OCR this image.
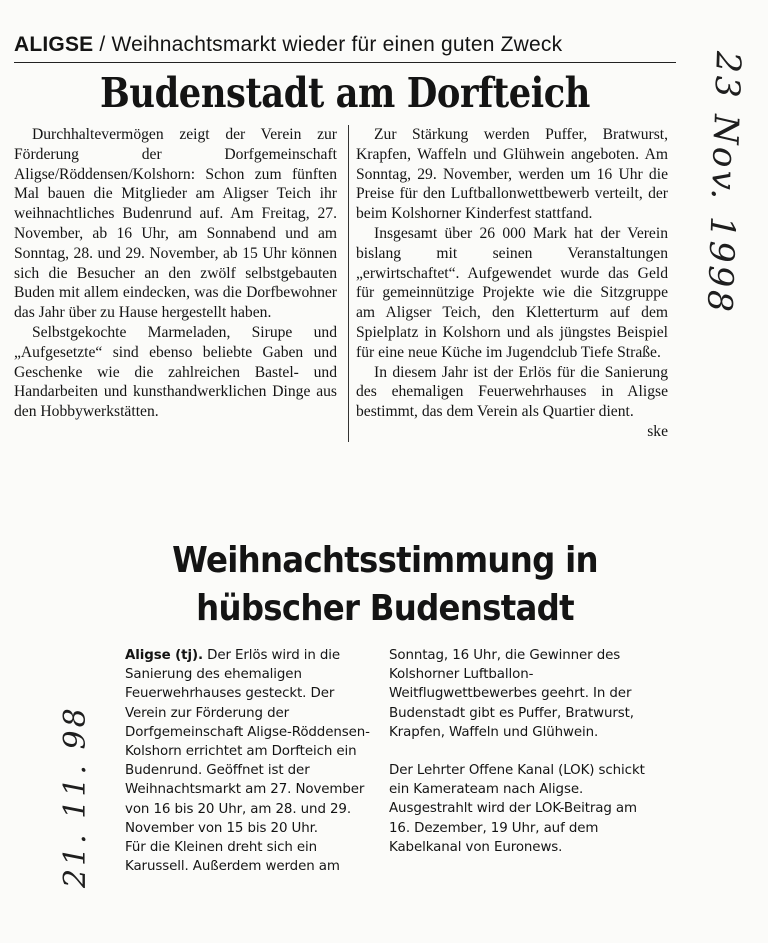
ALIGSE / Weihnachtsmarkt wieder für einen guten Zweck
Budenstadt am Dorfteich

Durchhaltevermögen zeigt der Verein zur Förderung der Dorfgemeinschaft Aligse/Röddensen/Kolshorn: Schon zum fünften Mal bauen die Mitglieder am Aligser Teich ihr weihnachtliches Budenrund auf. Am Freitag, 27. November, ab 16 Uhr, am Sonnabend und am Sonntag, 28. und 29. November, ab 15 Uhr können sich die Besucher an den zwölf selbstgebauten Buden mit allem eindecken, was die Dorfbewohner das Jahr über zu Hause hergestellt haben.

Selbstgekochte Marmeladen, Sirupe und „Aufgesetzte“ sind ebenso beliebte Gaben und Geschenke wie die zahlreichen Bastel- und Handarbeiten und kunsthandwerklichen Dinge aus den Hobbywerkstätten.

Zur Stärkung werden Puffer, Bratwurst, Krapfen, Waffeln und Glühwein angeboten. Am Sonntag, 29. November, werden um 16 Uhr die Preise für den Luftballonwettbewerb verteilt, der beim Kolshorner Kinderfest stattfand.

Insgesamt über 26 000 Mark hat der Verein bislang mit seinen Veranstaltungen „erwirtschaftet“. Aufgewendet wurde das Geld für gemeinnützige Projekte wie die Sitzgruppe am Aligser Teich, den Kletterturm auf dem Spielplatz in Kolshorn und als jüngstes Beispiel für eine neue Küche im Jugendclub Tiefe Straße.

In diesem Jahr ist der Erlös für die Sanierung des ehemaligen Feuerwehrhauses in Aligse bestimmt, das dem Verein als Quartier dient.
ske

Weihnachtsstimmung in
hübscher Budenstadt

Aligse (tj). Der Erlös wird in die Sanierung des ehemaligen Feuerwehrhauses gesteckt. Der Verein zur Förderung der Dorfgemeinschaft Aligse-Röddensen-Kolshorn errichtet am Dorfteich ein Budenrund. Geöffnet ist der Weihnachtsmarkt am 27. November von 16 bis 20 Uhr, am 28. und 29. November von 15 bis 20 Uhr.

Für die Kleinen dreht sich ein Karussell. Außerdem werden am

Sonntag, 16 Uhr, die Gewinner des Kolshorner Luftballon-Weitflugwettbewerbes geehrt. In der Budenstadt gibt es Puffer, Bratwurst, Krapfen, Waffeln und Glühwein.

Der Lehrter Offene Kanal (LOK) schickt ein Kamerateam nach Aligse. Ausgestrahlt wird der LOK-Beitrag am 16. Dezember, 19 Uhr, auf dem Kabelkanal von Euronews.

23 Nov. 1998
21. 11. 98
